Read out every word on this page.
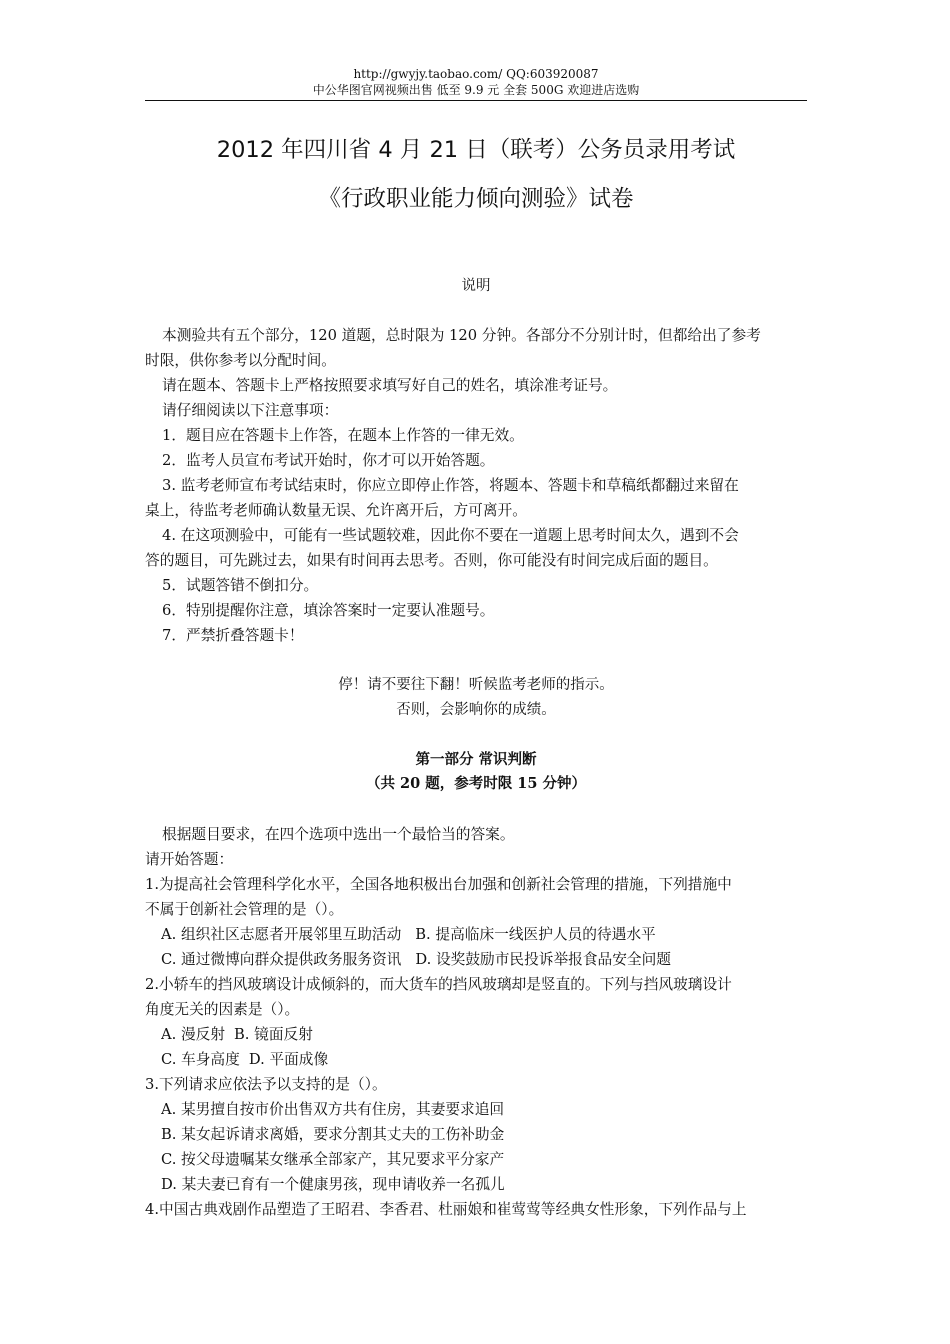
http://gwyjy.taobao.com/ QQ:603920087
中公华图官网视频出售 低至 9.9 元 全套 500G 欢迎进店选购
2012 年四川省 4 月 21 日（联考）公务员录用考试
《行政职业能力倾向测验》试卷
说明
本测验共有五个部分，120 道题，总时限为 120 分钟。各部分不分别计时，但都给出了参考
时限，供你参考以分配时间。
请在题本、答题卡上严格按照要求填写好自己的姓名，填涂准考证号。
请仔细阅读以下注意事项：
1．题目应在答题卡上作答，在题本上作答的一律无效。
2．监考人员宣布考试开始时，你才可以开始答题。
3. 监考老师宣布考试结束时，你应立即停止作答，将题本、答题卡和草稿纸都翻过来留在
桌上，待监考老师确认数量无误、允许离开后，方可离开。
4. 在这项测验中，可能有一些试题较难，因此你不要在一道题上思考时间太久，遇到不会
答的题目，可先跳过去，如果有时间再去思考。否则，你可能没有时间完成后面的题目。
5．试题答错不倒扣分。
6．特别提醒你注意，填涂答案时一定要认准题号。
7．严禁折叠答题卡！
停！请不要往下翻！听候监考老师的指示。
否则，会影响你的成绩。
第一部分 常识判断
（共 20 题，参考时限 15 分钟）
根据题目要求，在四个选项中选出一个最恰当的答案。
请开始答题：
1.为提高社会管理科学化水平，全国各地积极出台加强和创新社会管理的措施，下列措施中
不属于创新社会管理的是（）。
A. 组织社区志愿者开展邻里互助活动 B. 提高临床一线医护人员的待遇水平
C. 通过微博向群众提供政务服务资讯 D. 设奖鼓励市民投诉举报食品安全问题
2.小轿车的挡风玻璃设计成倾斜的，而大货车的挡风玻璃却是竖直的。下列与挡风玻璃设计
角度无关的因素是（）。
A. 漫反射 B. 镜面反射
C. 车身高度 D. 平面成像
3.下列请求应依法予以支持的是（）。
A. 某男擅自按市价出售双方共有住房，其妻要求追回
B. 某女起诉请求离婚，要求分割其丈夫的工伤补助金
C. 按父母遗嘱某女继承全部家产，其兄要求平分家产
D. 某夫妻已育有一个健康男孩，现申请收养一名孤儿
4.中国古典戏剧作品塑造了王昭君、李香君、杜丽娘和崔莺莺等经典女性形象，下列作品与上
